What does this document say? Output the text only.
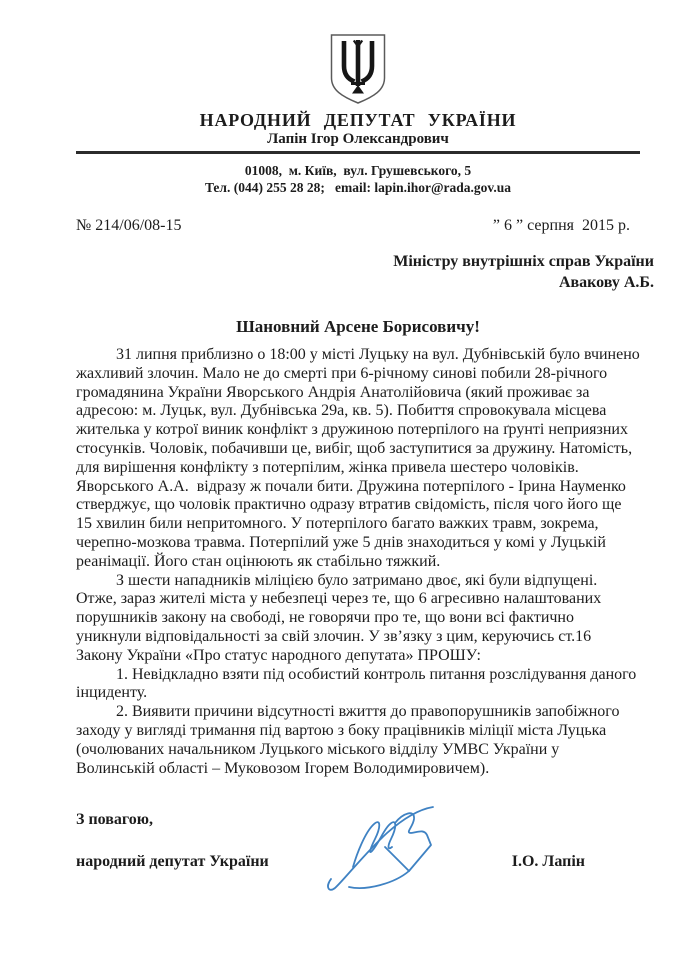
НАРОДНИЙ ДЕПУТАТ УКРАЇНИ
Лапін Ігор Олександрович
01008,  м. Київ,  вул. Грушевського, 5
Тел. (044) 255 28 28;   email: lapin.ihor@rada.gov.ua
№ 214/06/08-15	” 6 ” серпня  2015 р.
Міністру внутрішніх справ України
Авакову А.Б.
Шановний Арсене Борисовичу!

31 липня приблизно о 18:00 у місті Луцьку на вул. Дубнівській було вчинено жахливий злочин. Мало не до смерті при 6-річному синові побили 28-річного громадянина України Яворського Андрія Анатолійовича (який проживає за адресою: м. Луцьк, вул. Дубнівська 29а, кв. 5). Побиття спровокувала місцева жителька у котрої виник конфлікт з дружиною потерпілого на ґрунті неприязних стосунків. Чоловік, побачивши це, вибіг, щоб заступитися за дружину. Натомість, для вирішення конфлікту з потерпілим, жінка привела шестеро чоловіків. Яворського А.А.  відразу ж почали бити. Дружина потерпілого - Ірина Науменко стверджує, що чоловік практично одразу втратив свідомість, після чого його ще 15 хвилин били непритомного. У потерпілого багато важких травм, зокрема, черепно-мозкова травма. Потерпілий уже 5 днів знаходиться у комі у Луцькій реанімації. Його стан оцінюють як стабільно тяжкий.

З шести нападників міліцією було затримано двоє, які були відпущені. Отже, зараз жителі міста у небезпеці через те, що 6 агресивно налаштованих порушників закону на свободі, не говорячи про те, що вони всі фактично уникнули відповідальності за свій злочин. У зв’язку з цим, керуючись ст.16 Закону України «Про статус народного депутата» ПРОШУ:

1. Невідкладно взяти під особистий контроль питання розслідування даного інциденту.

2. Виявити причини відсутності вжиття до правопорушників запобіжного заходу у вигляді тримання під вартою з боку працівників міліції міста Луцька (очолюваних начальником Луцького міського відділу УМВС України у Волинській області – Муковозом Ігорем Володимировичем).

З повагою,
народний депутат України	І.О. Лапін
